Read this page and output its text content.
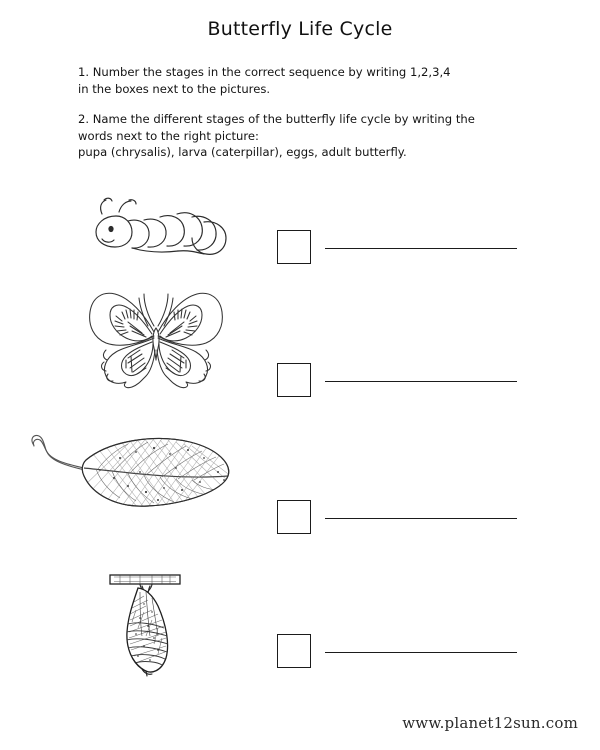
Butterfly Life Cycle
1. Number the stages in the correct sequence by writing 1,2,3,4
in the boxes next to the pictures.
2. Name the different stages of the butterfly life cycle by writing the
words next to the right picture:
pupa (chrysalis), larva (caterpillar), eggs, adult butterfly.
www.planet12sun.com
